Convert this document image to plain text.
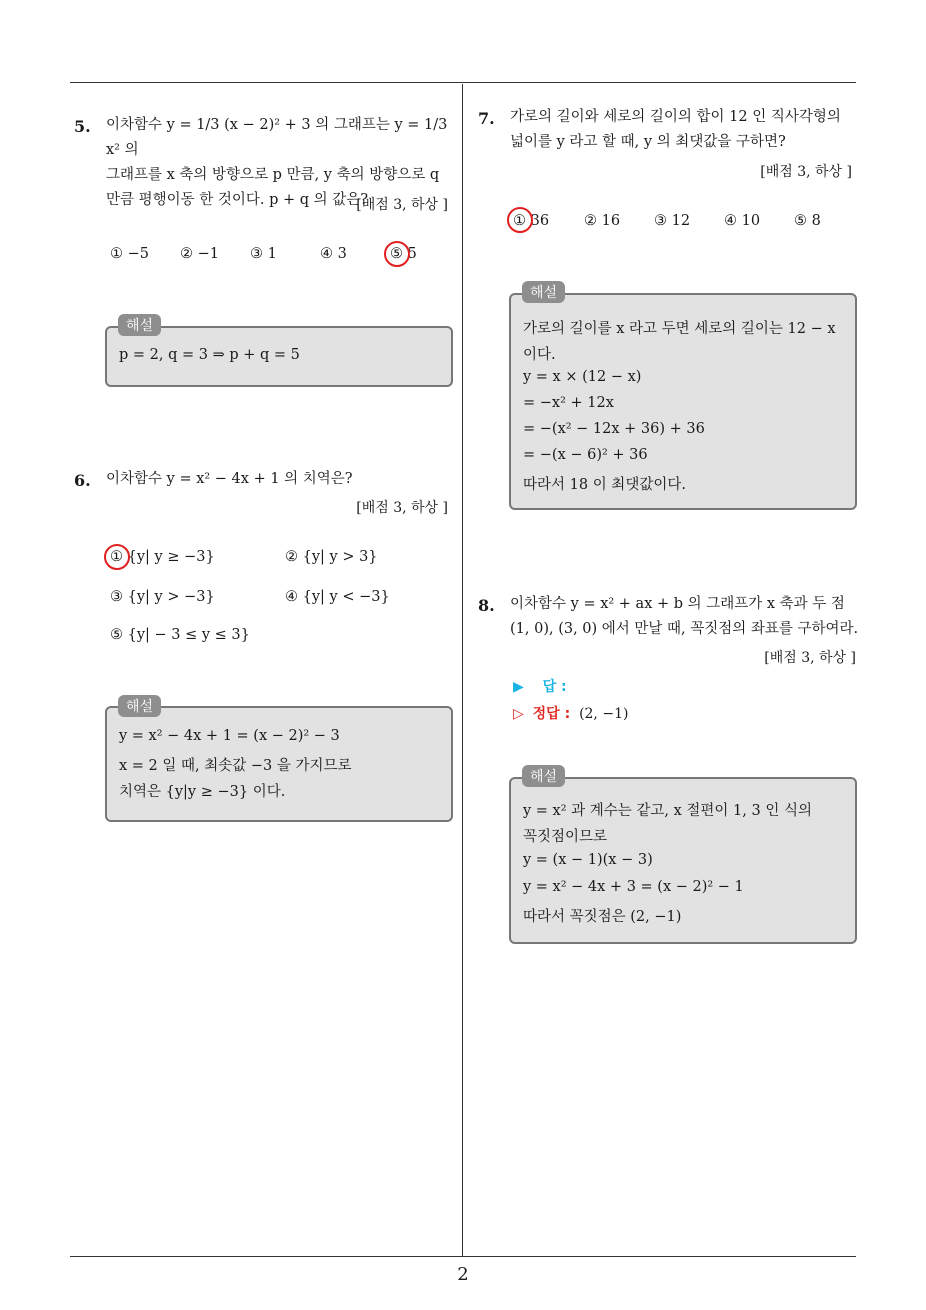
5. 이차함수 y = 1/3 (x − 2)² + 3 의 그래프는 y = 1/3 x² 의
그래프를 x 축의 방향으로 p 만큼, y 축의 방향으로 q
만큼 평행이동 한 것이다. p + q 의 값은?
[배점 3, 하상 ]
① −5 ② −1 ③ 1	④ 3	⑤ 5
p = 2, q = 3 ⇒ p + q = 5
해설
6. 이차함수 y = x² − 4x + 1 의 치역은?
[배점 3, 하상 ]
① {y| y ≥ −3}	② {y| y > 3}
③ {y| y > −3}	④ {y| y < −3}
⑤ {y| − 3 ≤ y ≤ 3}
y = x² − 4x + 1 = (x − 2)² − 3
x = 2 일 때, 최솟값 −3 을 가지므로
치역은 {y|y ≥ −3} 이다.
해설
7. 가로의 길이와 세로의 길이의 합이 12 인 직사각형의
넓이를 y 라고 할 때, y 의 최댓값을 구하면?
[배점 3, 하상 ]
① 36 ② 16 ③ 12 ④ 10 ⑤ 8
가로의 길이를 x 라고 두면 세로의 길이는 12 − x
이다.
y = x × (12 − x)
= −x² + 12x
= −(x² − 12x + 36) + 36
= −(x − 6)² + 36
따라서 18 이 최댓값이다.
해설
8. 이차함수 y = x² + ax + b 의 그래프가 x 축과 두 점
(1, 0), (3, 0) 에서 만날 때, 꼭짓점의 좌표를 구하여라.
[배점 3, 하상 ]
▶ 답 :
▷ 정답 : (2, −1)
y = x² 과 계수는 같고, x 절편이 1, 3 인 식의
꼭짓점이므로
y = (x − 1)(x − 3)
y = x² − 4x + 3 = (x − 2)² − 1
따라서 꼭짓점은 (2, −1)
해설
2
